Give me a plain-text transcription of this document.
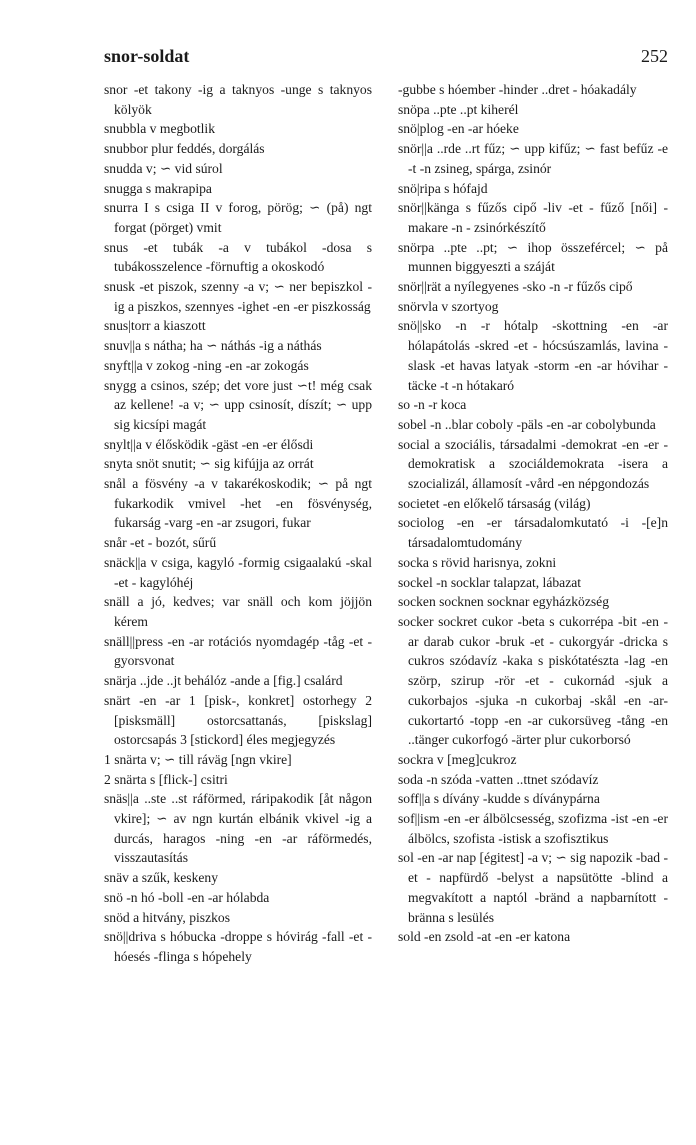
snor-soldat	252

snor -et takony -ig a taknyos -unge s taknyos kölyök

snubbla v megbotlik

snubbor plur feddés, dorgálás

snudda v; ∽ vid súrol

snugga s makrapipa

snurra I s csiga II v forog, pörög; ∽ (på) ngt forgat (pörget) vmit

snus -et tubák -a v tubákol -dosa s tubákosszelence -förnuftig a okoskodó

snusk -et piszok, szenny -a v; ∽ ner bepiszkol -ig a piszkos, szennyes -ighet -en -er piszkosság

snus|torr a kiaszott

snuv||a s nátha; ha ∽ náthás -ig a náthás

snyft||a v zokog -ning -en -ar zokogás

snygg a csinos, szép; det vore just ∽t! még csak az kellene! -a v; ∽ upp csinosít, díszít; ∽ upp sig kicsípi magát

snylt||a v élősködik -gäst -en -er élősdi

snyta snöt snutit; ∽ sig kifújja az orrát

snål a fösvény -a v takarékoskodik; ∽ på ngt fukarkodik vmivel -het -en fösvénység, fukarság -varg -en -ar zsugori, fukar

snår -et - bozót, sűrű

snäck||a v csiga, kagyló -formig csigaalakú -skal -et - kagylóhéj

snäll a jó, kedves; var snäll och kom jöjjön kérem

snäll||press -en -ar rotációs nyomdagép -tåg -et - gyorsvonat

snärja ..jde ..jt behálóz -ande a [fig.] csalárd

snärt -en -ar 1 [pisk-, konkret] ostorhegy 2 [pisksmäll] ostorcsattanás, [piskslag] ostorcsapás 3 [stickord] éles megjegyzés

1 snärta v; ∽ till ráväg [ngn vkire]

2 snärta s [flick-] csitri

snäs||a ..ste ..st ráförmed, ráripakodik [åt någon vkire]; ∽ av ngn kurtán elbánik vkivel -ig a durcás, haragos -ning -en -ar ráförmedés, visszautasítás

snäv a szűk, keskeny

snö -n hó -boll -en -ar hólabda

snöd a hitvány, piszkos

snö||driva s hóbucka -droppe s hóvirág -fall -et - hóesés -flinga s hópehely

-gubbe s hóember -hinder ..dret - hóakadály

snöpa ..pte ..pt kiherél

snö|plog -en -ar hóeke

snör||a ..rde ..rt fűz; ∽ upp kifűz; ∽ fast befűz -e -t -n zsineg, spárga, zsinór

snö|ripa s hófajd

snör||känga s fűzős cipő -liv -et - fűző [női] -makare -n - zsinórkészítő

snörpa ..pte ..pt; ∽ ihop összefércel; ∽ på munnen biggyeszti a száját

snör||rät a nyílegyenes -sko -n -r fűzős cipő

snörvla v szortyog

snö||sko -n -r hótalp -skottning -en -ar hólapátolás -skred -et - hócsúszamlás, lavina -slask -et havas latyak -storm -en -ar hóvihar -täcke -t -n hótakaró

so -n -r koca

sobel -n ..blar coboly -päls -en -ar cobolybunda

social a szociális, társadalmi -demokrat -en -er -demokratisk a szociáldemokrata -isera a szocializál, államosít -vård -en népgondozás

societet -en előkelő társaság (világ)

sociolog -en -er társadalomkutató -i -[e]n társadalomtudomány

socka s rövid harisnya, zokni

sockel -n socklar talapzat, lábazat

socken socknen socknar egyházközség

socker sockret cukor -beta s cukorrépa -bit -en -ar darab cukor -bruk -et - cukorgyár -dricka s cukros szódavíz -kaka s piskótatészta -lag -en szörp, szirup -rör -et - cukornád -sjuk a cukorbajos -sjuka -n cukorbaj -skål -en -ar- cukortartó -topp -en -ar cukorsüveg -tång -en ..tänger cukorfogó -ärter plur cukorborsó

sockra v [meg]cukroz

soda -n szóda -vatten ..ttnet szódavíz

soff||a s dívány -kudde s díványpárna

sof||ism -en -er álbölcsesség, szofizma -ist -en -er álbölcs, szofista -istisk a szofisztikus

sol -en -ar nap [égitest] -a v; ∽ sig napozik -bad -et - napfürdő -belyst a napsütötte -blind a megvakított a naptól -bränd a napbarnított -bränna s lesülés

sold -en zsold -at -en -er katona
